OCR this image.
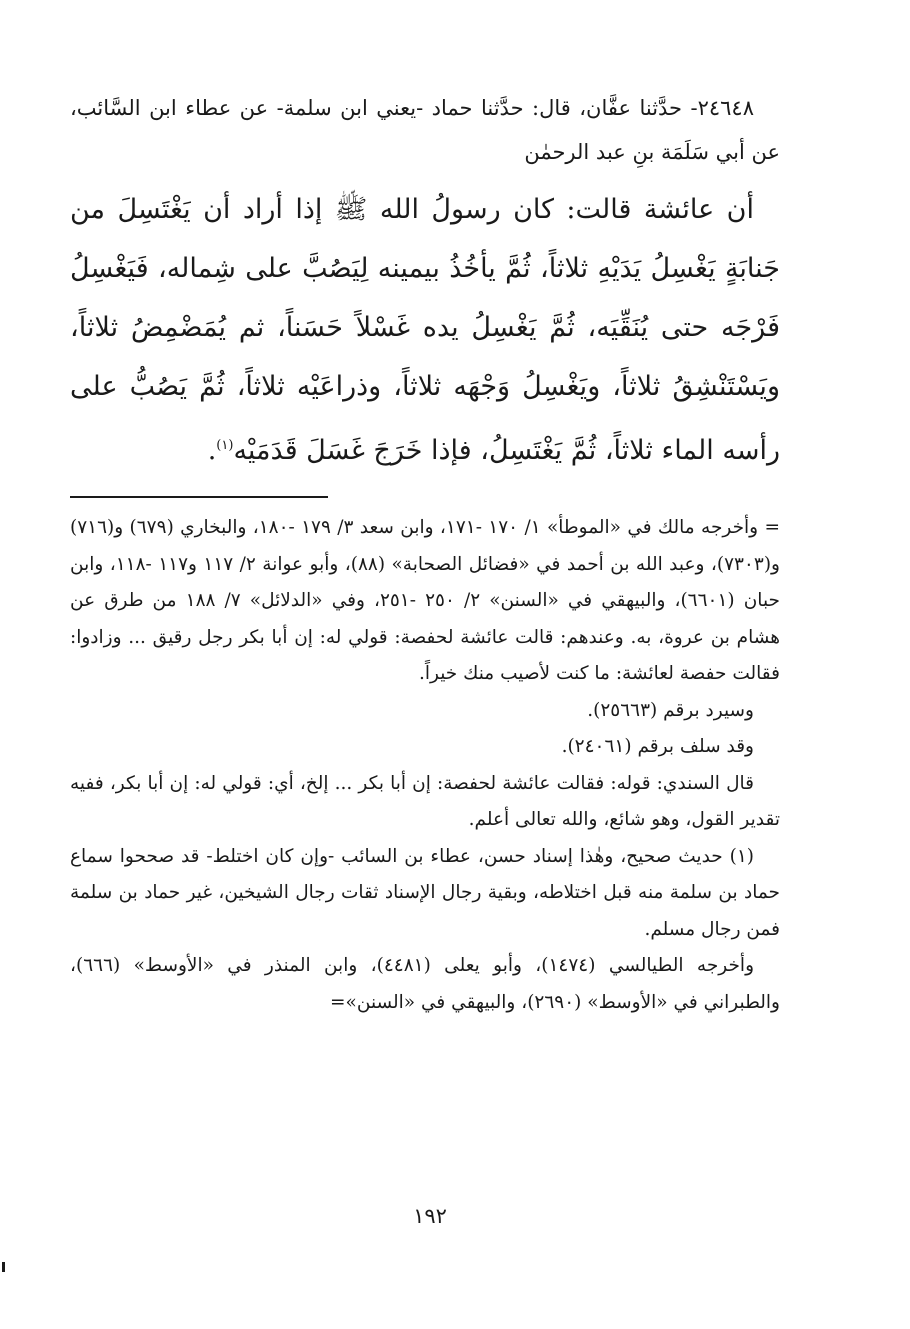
٢٤٦٤٨- حدَّثنا عفَّان، قال: حدَّثنا حماد -يعني ابن سلمة- عن عطاء ابن السَّائب، عن أبي سَلَمَة بنِ عبد الرحمٰن

أن عائشة قالت: كان رسولُ الله ﷺ إذا أراد أن يَغْتَسِلَ من جَنابَةٍ يَغْسِلُ يَدَيْهِ ثلاثاً، ثُمَّ يأخُذُ بيمينه لِيَصُبَّ على شِماله، فَيَغْسِلُ فَرْجَه حتى يُنَقِّيَه، ثُمَّ يَغْسِلُ يده غَسْلاً حَسَناً، ثم يُمَضْمِضُ ثلاثاً، ويَسْتَنْشِقُ ثلاثاً، ويَغْسِلُ وَجْهَه ثلاثاً، وذراعَيْه ثلاثاً، ثُمَّ يَصُبُّ على رأسه الماء ثلاثاً، ثُمَّ يَغْتَسِلُ، فإذا خَرَجَ غَسَلَ قَدَمَيْه$^{(١)}$.

= وأخرجه مالك في «الموطأ» ١/ ١٧٠ -١٧١، وابن سعد ٣/ ١٧٩ -١٨٠، والبخاري (٦٧٩) و(٧١٦) و(٧٣٠٣)، وعبد الله بن أحمد في «فضائل الصحابة» (٨٨)، وأبو عوانة ٢/ ١١٧ و١١٧ -١١٨، وابن حبان (٦٦٠١)، والبيهقي في «السنن» ٢/ ٢٥٠ -٢٥١، وفي «الدلائل» ٧/ ١٨٨ من طرق عن هشام بن عروة، به. وعندهم: قالت عائشة لحفصة: قولي له: إن أبا بكر رجل رقيق ... وزادوا: فقالت حفصة لعائشة: ما كنت لأصيب منك خيراً.

وسيرد برقم (٢٥٦٦٣).

وقد سلف برقم (٢٤٠٦١).

قال السندي: قوله: فقالت عائشة لحفصة: إن أبا بكر ... إلخ، أي: قولي له: إن أبا بكر، ففيه تقدير القول، وهو شائع، والله تعالى أعلم.

(١) حديث صحيح، وهٰذا إسناد حسن، عطاء بن السائب -وإن كان اختلط- قد صححوا سماع حماد بن سلمة منه قبل اختلاطه، وبقية رجال الإسناد ثقات رجال الشيخين، غير حماد بن سلمة فمن رجال مسلم.

وأخرجه الطيالسي (١٤٧٤)، وأبو يعلى (٤٤٨١)، وابن المنذر في «الأوسط» (٦٦٦)، والطبراني في «الأوسط» (٢٦٩٠)، والبيهقي في «السنن»=

١٩٢
